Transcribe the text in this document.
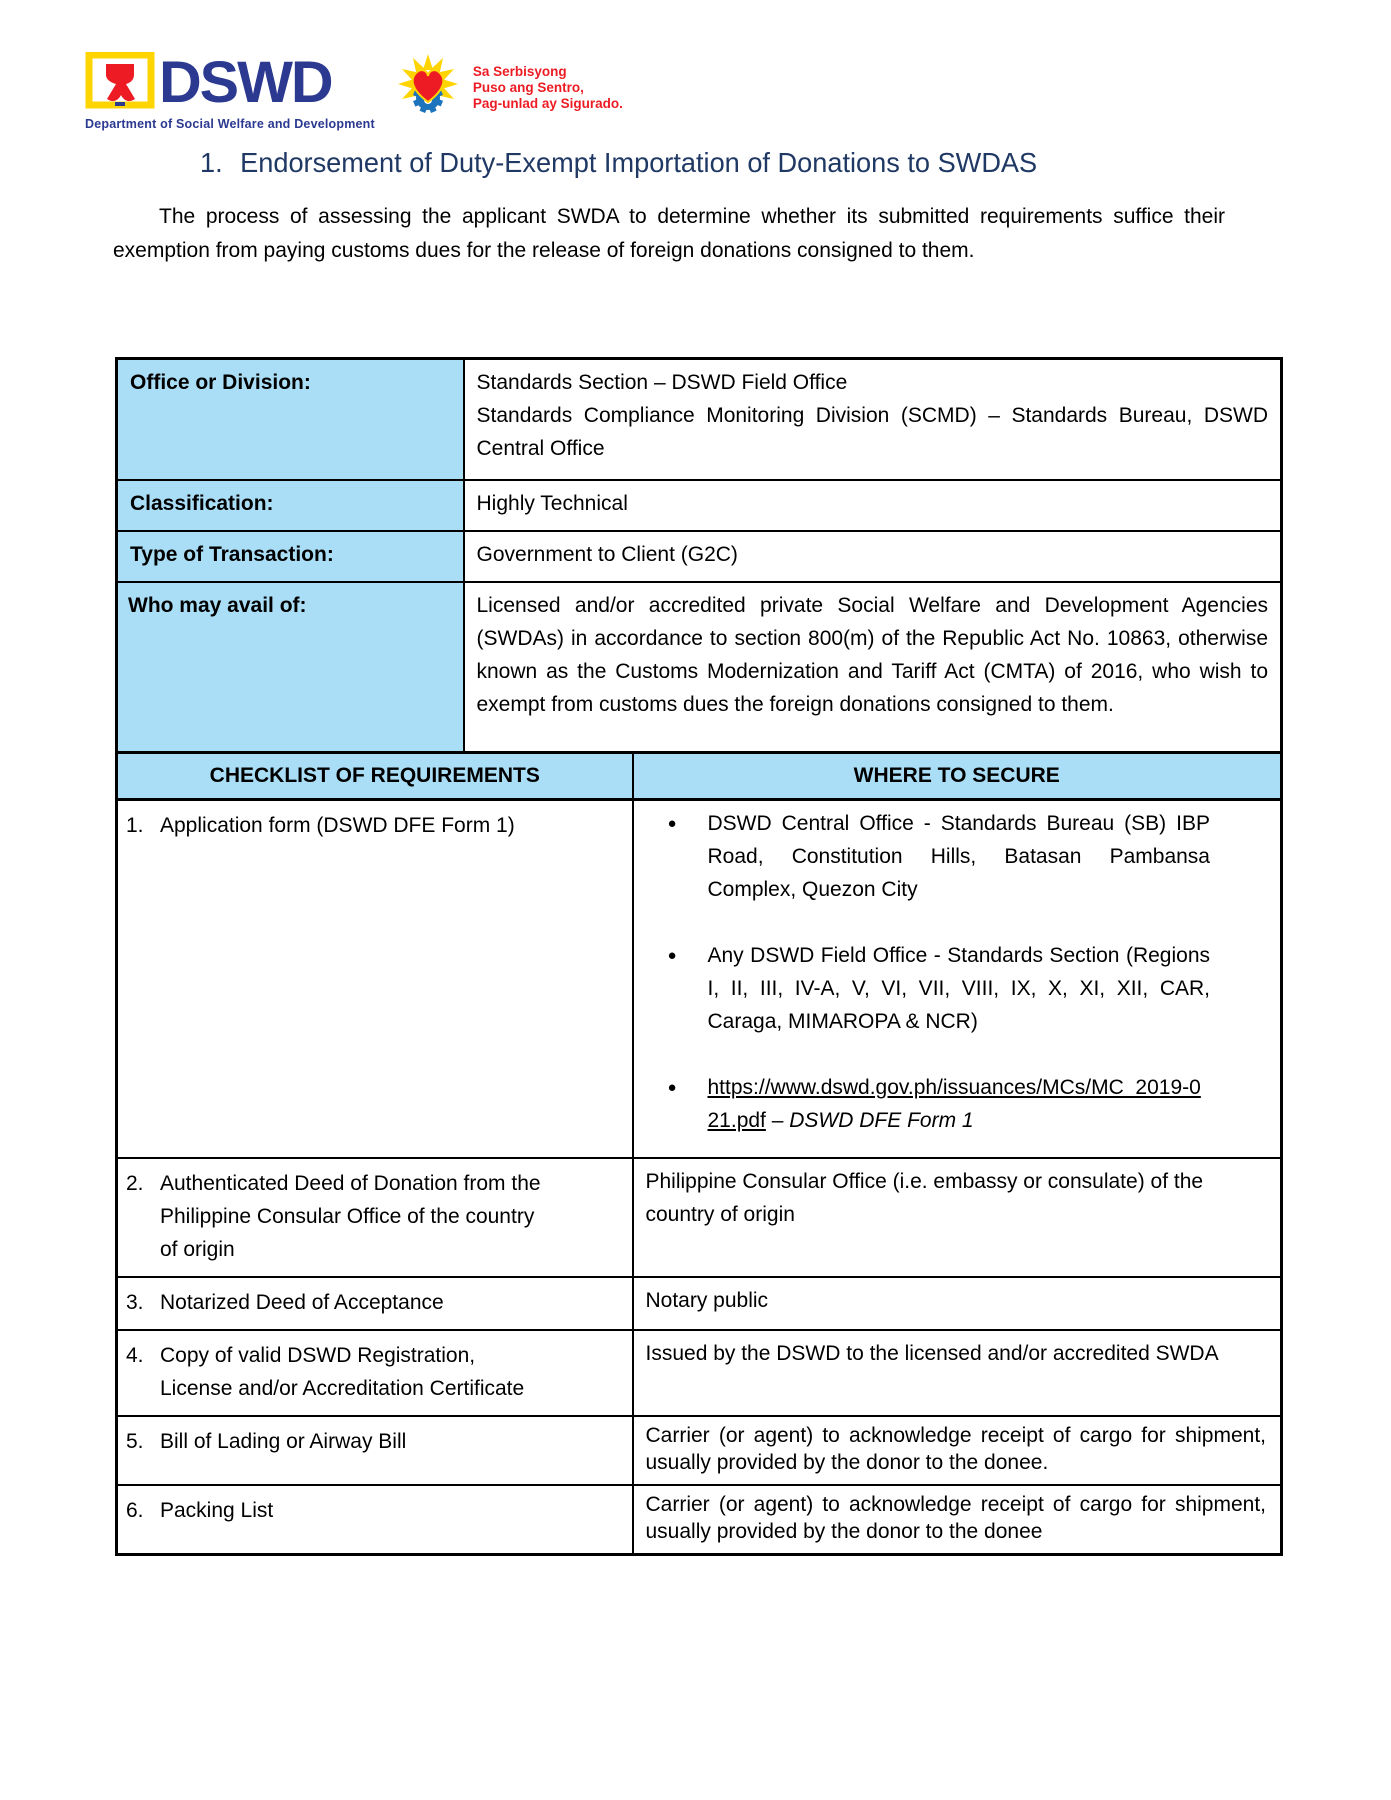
DSWD
Department of Social Welfare and Development
Sa Serbisyong
Puso ang Sentro,
Pag-unlad ay Sigurado.
1. Endorsement of Duty-Exempt Importation of Donations to SWDAS

The process of assessing the applicant SWDA to determine whether its submitted requirements suffice their exemption from paying customs dues for the release of foreign donations consigned to them.

Office or Division:	Standards Section – DSWD Field Office
Standards Compliance Monitoring Division (SCMD) – Standards Bureau, DSWD Central Office

Classification:	Highly Technical
Type of Transaction:	Government to Client (G2C)
Who may avail of:	Licensed and/or accredited private Social Welfare and Development Agencies (SWDAs) in accordance to section 800(m) of the Republic Act No. 10863, otherwise known as the Customs Modernization and Tariff Act (CMTA) of 2016, who wish to exempt from customs dues the foreign donations consigned to them.
CHECKLIST OF REQUIREMENTS	WHERE TO SECURE

1. Application form (DSWD DFE Form 1)	●	DSWD Central Office - Standards Bureau (SB) IBP Road, Constitution Hills, Batasan Pambansa Complex, Quezon City
●	Any DSWD Field Office - Standards Section (Regions I, II, III, IV-A, V, VI, VII, VIII, IX, X, XI, XII, CAR, Caraga, MIMAROPA & NCR)
●	https://www.dswd.gov.ph/issuances/MCs/MC_2019-021.pdf – DSWD DFE Form 1

2. Authenticated Deed of Donation from the Philippine Consular Office of the country of origin	Philippine Consular Office (i.e. embassy or consulate) of the country of origin

3. Notarized Deed of Acceptance	Notary public

4. Copy of valid DSWD Registration, License and/or Accreditation Certificate	Issued by the DSWD to the licensed and/or accredited SWDA

5. Bill of Lading or Airway Bill	Carrier (or agent) to acknowledge receipt of cargo for shipment, usually provided by the donor to the donee.

6. Packing List	Carrier (or agent) to acknowledge receipt of cargo for shipment, usually provided by the donor to the donee
